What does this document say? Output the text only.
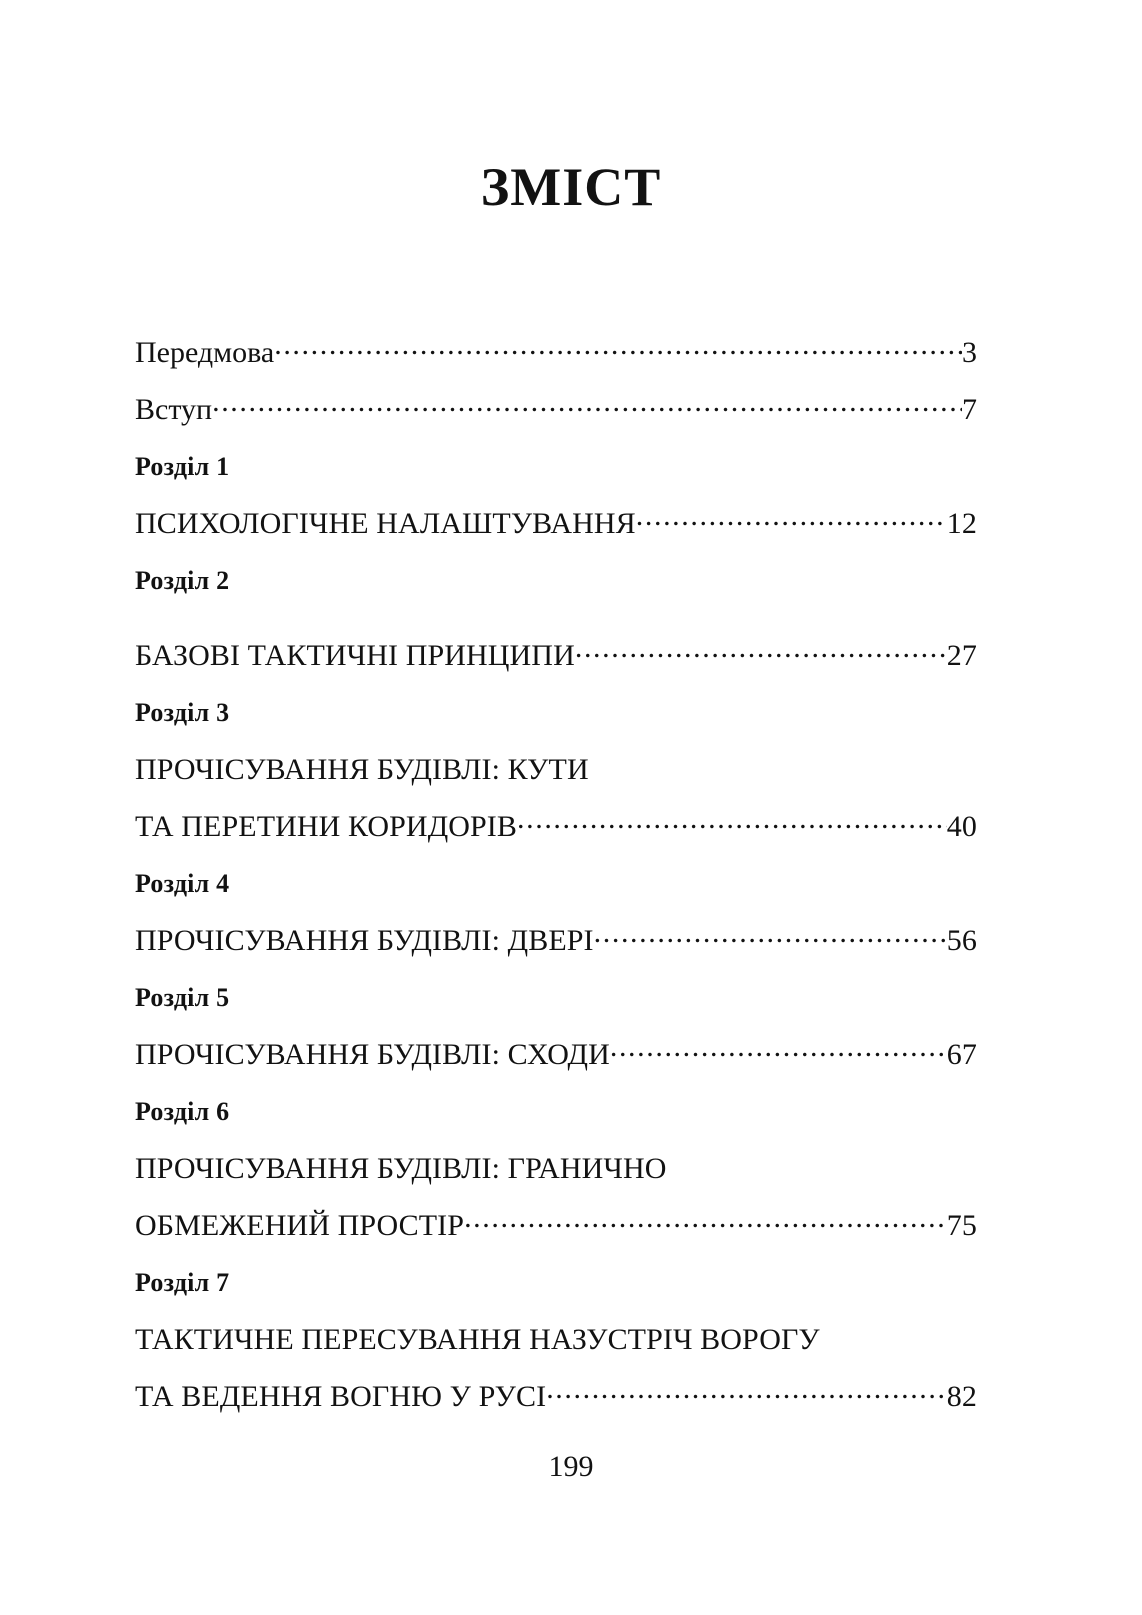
ЗМІСТ
Передмова .....	3
Вступ .....	7
Розділ 1
ПСИХОЛОГІЧНЕ НАЛАШТУВАННЯ .....	12
Розділ 2
БАЗОВІ ТАКТИЧНІ ПРИНЦИПИ .....	27
Розділ 3
ПРОЧІСУВАННЯ БУДІВЛІ: КУТИ
ТА ПЕРЕТИНИ КОРИДОРІВ .....	40
Розділ 4
ПРОЧІСУВАННЯ БУДІВЛІ: ДВЕРІ .....	56
Розділ 5
ПРОЧІСУВАННЯ БУДІВЛІ: СХОДИ .....	67
Розділ 6
ПРОЧІСУВАННЯ БУДІВЛІ: ГРАНИЧНО
ОБМЕЖЕНИЙ ПРОСТІР .....	75
Розділ 7
ТАКТИЧНЕ ПЕРЕСУВАННЯ НАЗУСТРІЧ ВОРОГУ
ТА ВЕДЕННЯ ВОГНЮ У РУСІ .....	82
199
